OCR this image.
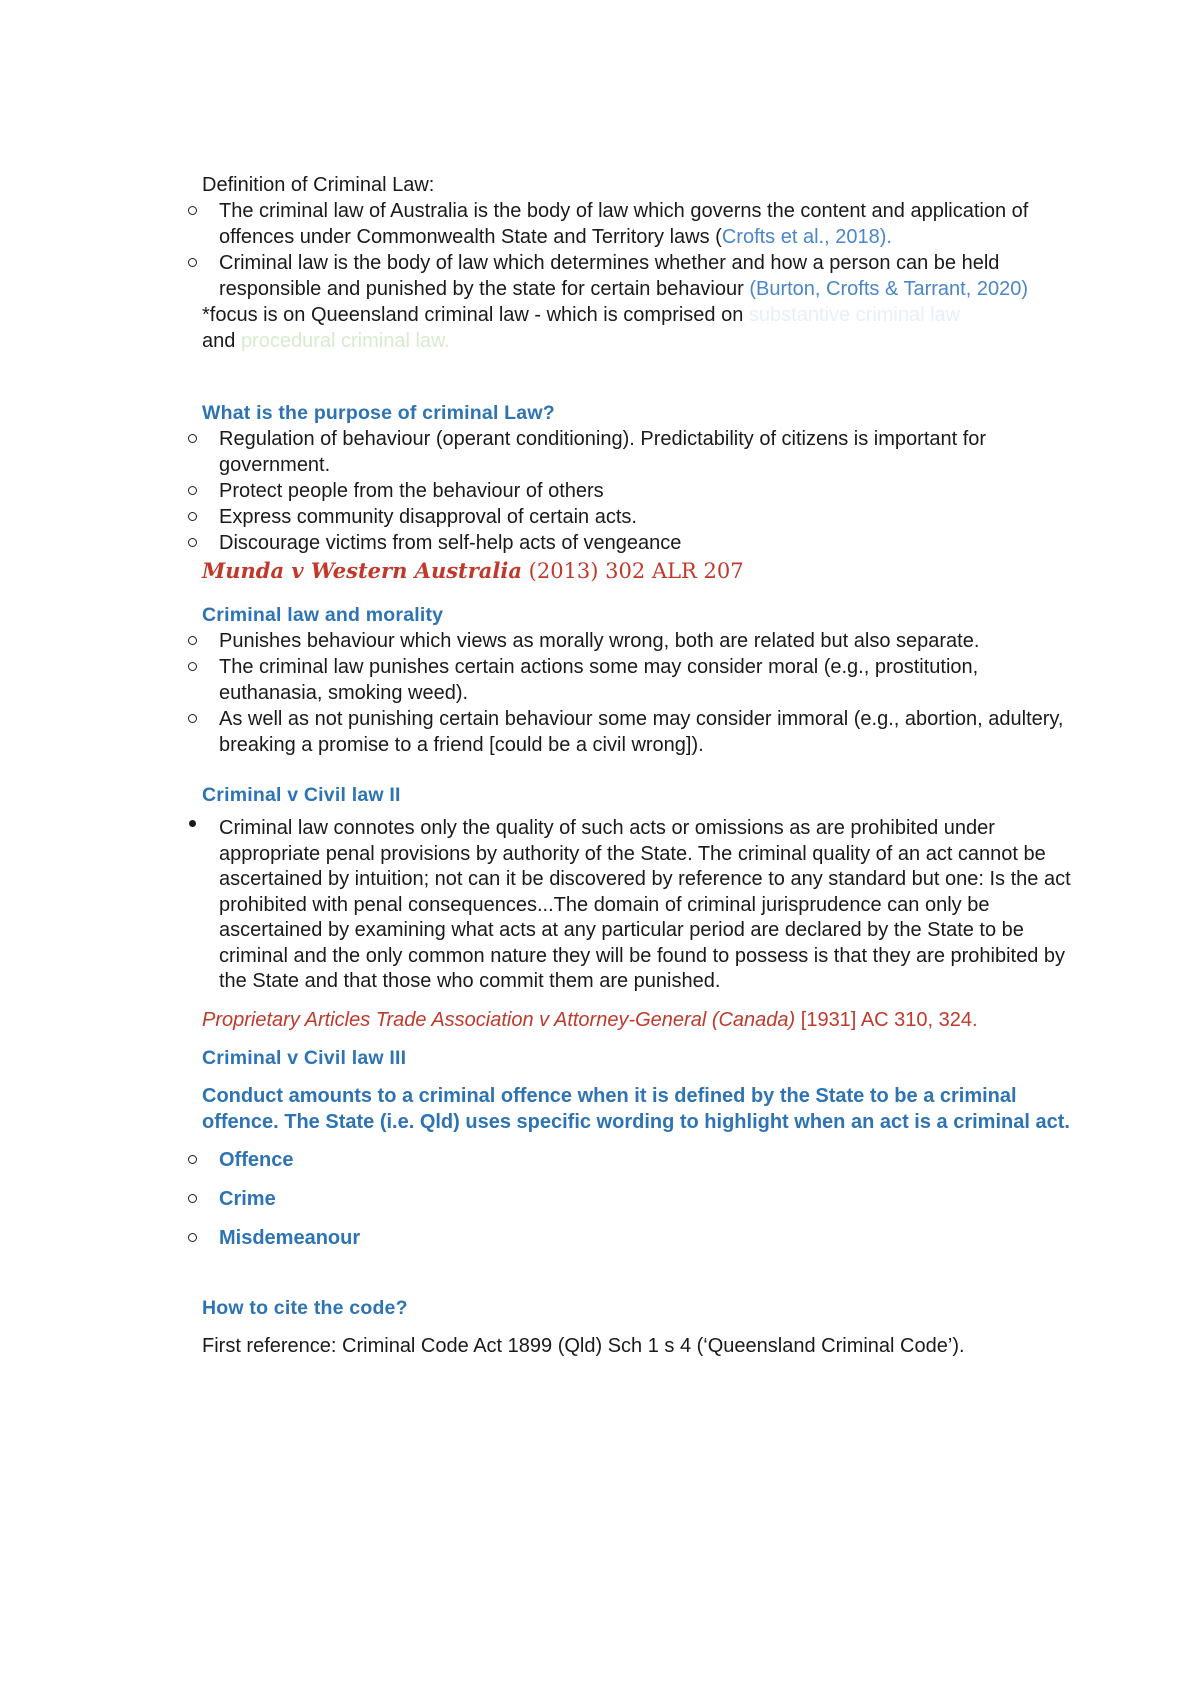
Definition of Criminal Law:

The criminal law of Australia is the body of law which governs the content and application of offences under Commonwealth State and Territory laws (Crofts et al., 2018).
Criminal law is the body of law which determines whether and how a person can be held responsible and punished by the state for certain behaviour (Burton, Crofts & Tarrant, 2020)

*focus is on Queensland criminal law - which is comprised on substantive criminal law
and procedural criminal law.

What is the purpose of criminal Law?

Regulation of behaviour (operant conditioning). Predictability of citizens is important for government.
Protect people from the behaviour of others
Express community disapproval of certain acts.
Discourage victims from self-help acts of vengeance

Munda v Western Australia (2013) 302 ALR 207

Criminal law and morality

Punishes behaviour which views as morally wrong, both are related but also separate.
The criminal law punishes certain actions some may consider moral (e.g., prostitution, euthanasia, smoking weed).
As well as not punishing certain behaviour some may consider immoral (e.g., abortion, adultery, breaking a promise to a friend [could be a civil wrong]).

Criminal v Civil law II

Criminal law connotes only the quality of such acts or omissions as are prohibited under appropriate penal provisions by authority of the State. The criminal quality of an act cannot be ascertained by intuition; not can it be discovered by reference to any standard but one: Is the act prohibited with penal consequences...The domain of criminal jurisprudence can only be ascertained by examining what acts at any particular period are declared by the State to be criminal and the only common nature they will be found to possess is that they are prohibited by the State and that those who commit them are punished.

Proprietary Articles Trade Association v Attorney-General (Canada) [1931] AC 310, 324.

Criminal v Civil law III

Conduct amounts to a criminal offence when it is defined by the State to be a criminal offence. The State (i.e. Qld) uses specific wording to highlight when an act is a criminal act.

Offence
Crime
Misdemeanour

How to cite the code?

First reference: Criminal Code Act 1899 (Qld) Sch 1 s 4 (‘Queensland Criminal Code’).
